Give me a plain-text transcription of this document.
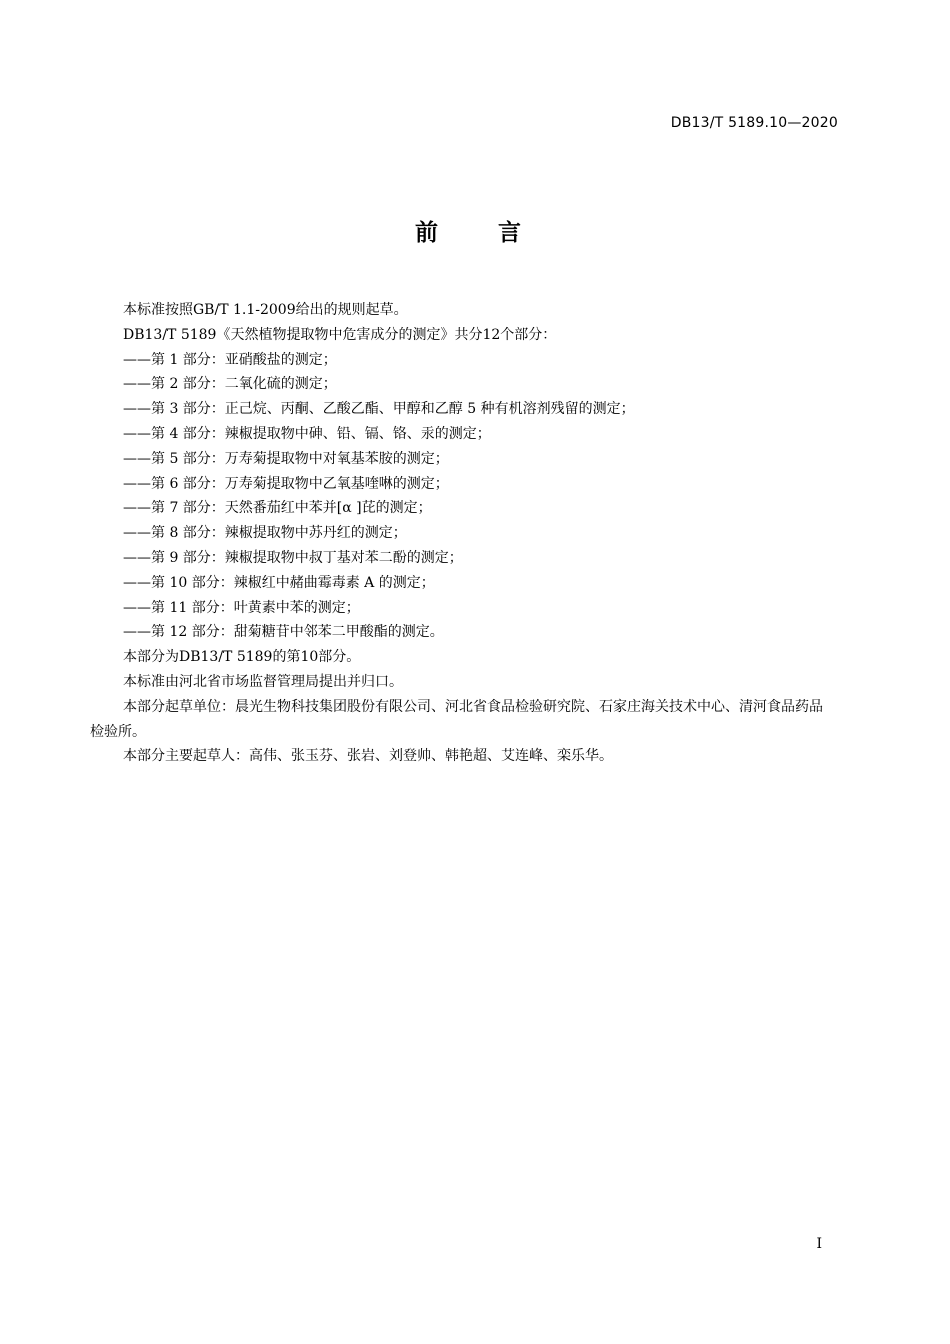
DB13/T 5189.10—2020
前 言

本标准按照GB/T 1.1-2009给出的规则起草。

DB13/T 5189《天然植物提取物中危害成分的测定》共分12个部分：

——第 1 部分：亚硝酸盐的测定；

——第 2 部分：二氧化硫的测定；

——第 3 部分：正己烷、丙酮、乙酸乙酯、甲醇和乙醇 5 种有机溶剂残留的测定；

——第 4 部分：辣椒提取物中砷、铅、镉、铬、汞的测定；

——第 5 部分：万寿菊提取物中对氧基苯胺的测定；

——第 6 部分：万寿菊提取物中乙氧基喹啉的测定；

——第 7 部分：天然番茄红中苯并[α ]芘的测定；

——第 8 部分：辣椒提取物中苏丹红的测定；

——第 9 部分：辣椒提取物中叔丁基对苯二酚的测定；

——第 10 部分：辣椒红中赭曲霉毒素 A 的测定；

——第 11 部分：叶黄素中苯的测定；

——第 12 部分：甜菊糖苷中邻苯二甲酸酯的测定。

本部分为DB13/T 5189的第10部分。

本标准由河北省市场监督管理局提出并归口。

本部分起草单位：晨光生物科技集团股份有限公司、河北省食品检验研究院、石家庄海关技术中心、清河食品药品检验所。

本部分主要起草人：高伟、张玉芬、张岩、刘登帅、韩艳超、艾连峰、栾乐华。

I
